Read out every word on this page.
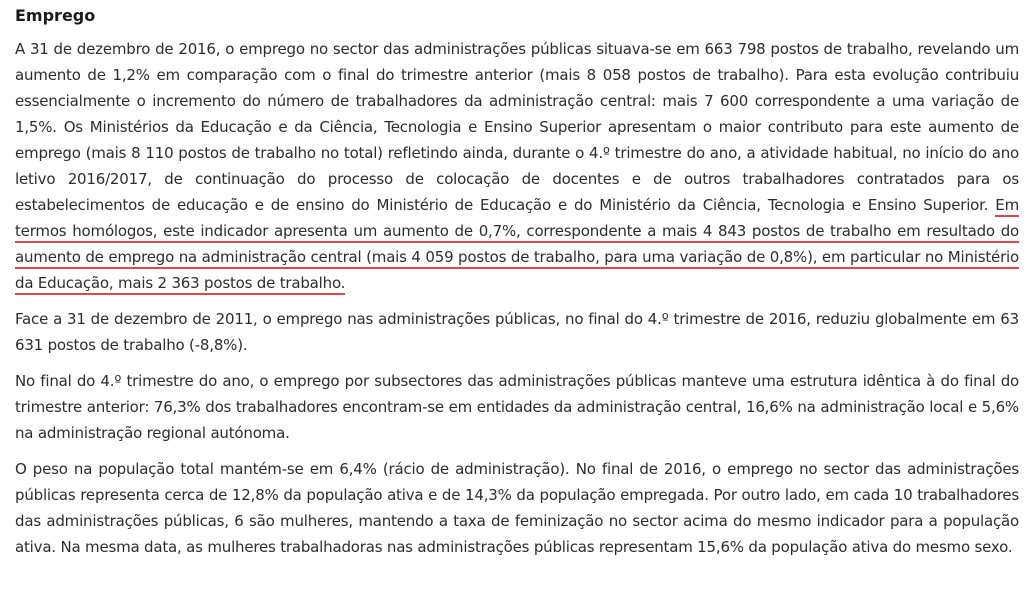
Emprego

A 31 de dezembro de 2016, o emprego no sector das administrações públicas situava-se em 663 798 postos de trabalho, revelando um aumento de 1,2% em comparação com o final do trimestre anterior (mais 8 058 postos de trabalho). Para esta evolução contribuiu essencialmente o incremento do número de trabalhadores da administração central: mais 7 600 correspondente a uma variação de 1,5%. Os Ministérios da Educação e da Ciência, Tecnologia e Ensino Superior apresentam o maior contributo para este aumento de emprego (mais 8 110 postos de trabalho no total) refletindo ainda, durante o 4.º trimestre do ano, a atividade habitual, no início do ano letivo 2016/2017, de continuação do processo de colocação de docentes e de outros trabalhadores contratados para os estabelecimentos de educação e de ensino do Ministério de Educação e do Ministério da Ciência, Tecnologia e Ensino Superior. Em termos homólogos, este indicador apresenta um aumento de 0,7%, correspondente a mais 4 843 postos de trabalho em resultado do aumento de emprego na administração central (mais 4 059 postos de trabalho, para uma variação de 0,8%), em particular no Ministério da Educação, mais 2 363 postos de trabalho.

Face a 31 de dezembro de 2011, o emprego nas administrações públicas, no final do 4.º trimestre de 2016, reduziu globalmente em 63 631 postos de trabalho (-8,8%).

No final do 4.º trimestre do ano, o emprego por subsectores das administrações públicas manteve uma estrutura idêntica à do final do trimestre anterior: 76,3% dos trabalhadores encontram-se em entidades da administração central, 16,6% na administração local e 5,6% na administração regional autónoma.

O peso na população total mantém-se em 6,4% (rácio de administração). No final de 2016, o emprego no sector das administrações públicas representa cerca de 12,8% da população ativa e de 14,3% da população empregada. Por outro lado, em cada 10 trabalhadores das administrações públicas, 6 são mulheres, mantendo a taxa de feminização no sector acima do mesmo indicador para a população ativa. Na mesma data, as mulheres trabalhadoras nas administrações públicas representam 15,6% da população ativa do mesmo sexo.
